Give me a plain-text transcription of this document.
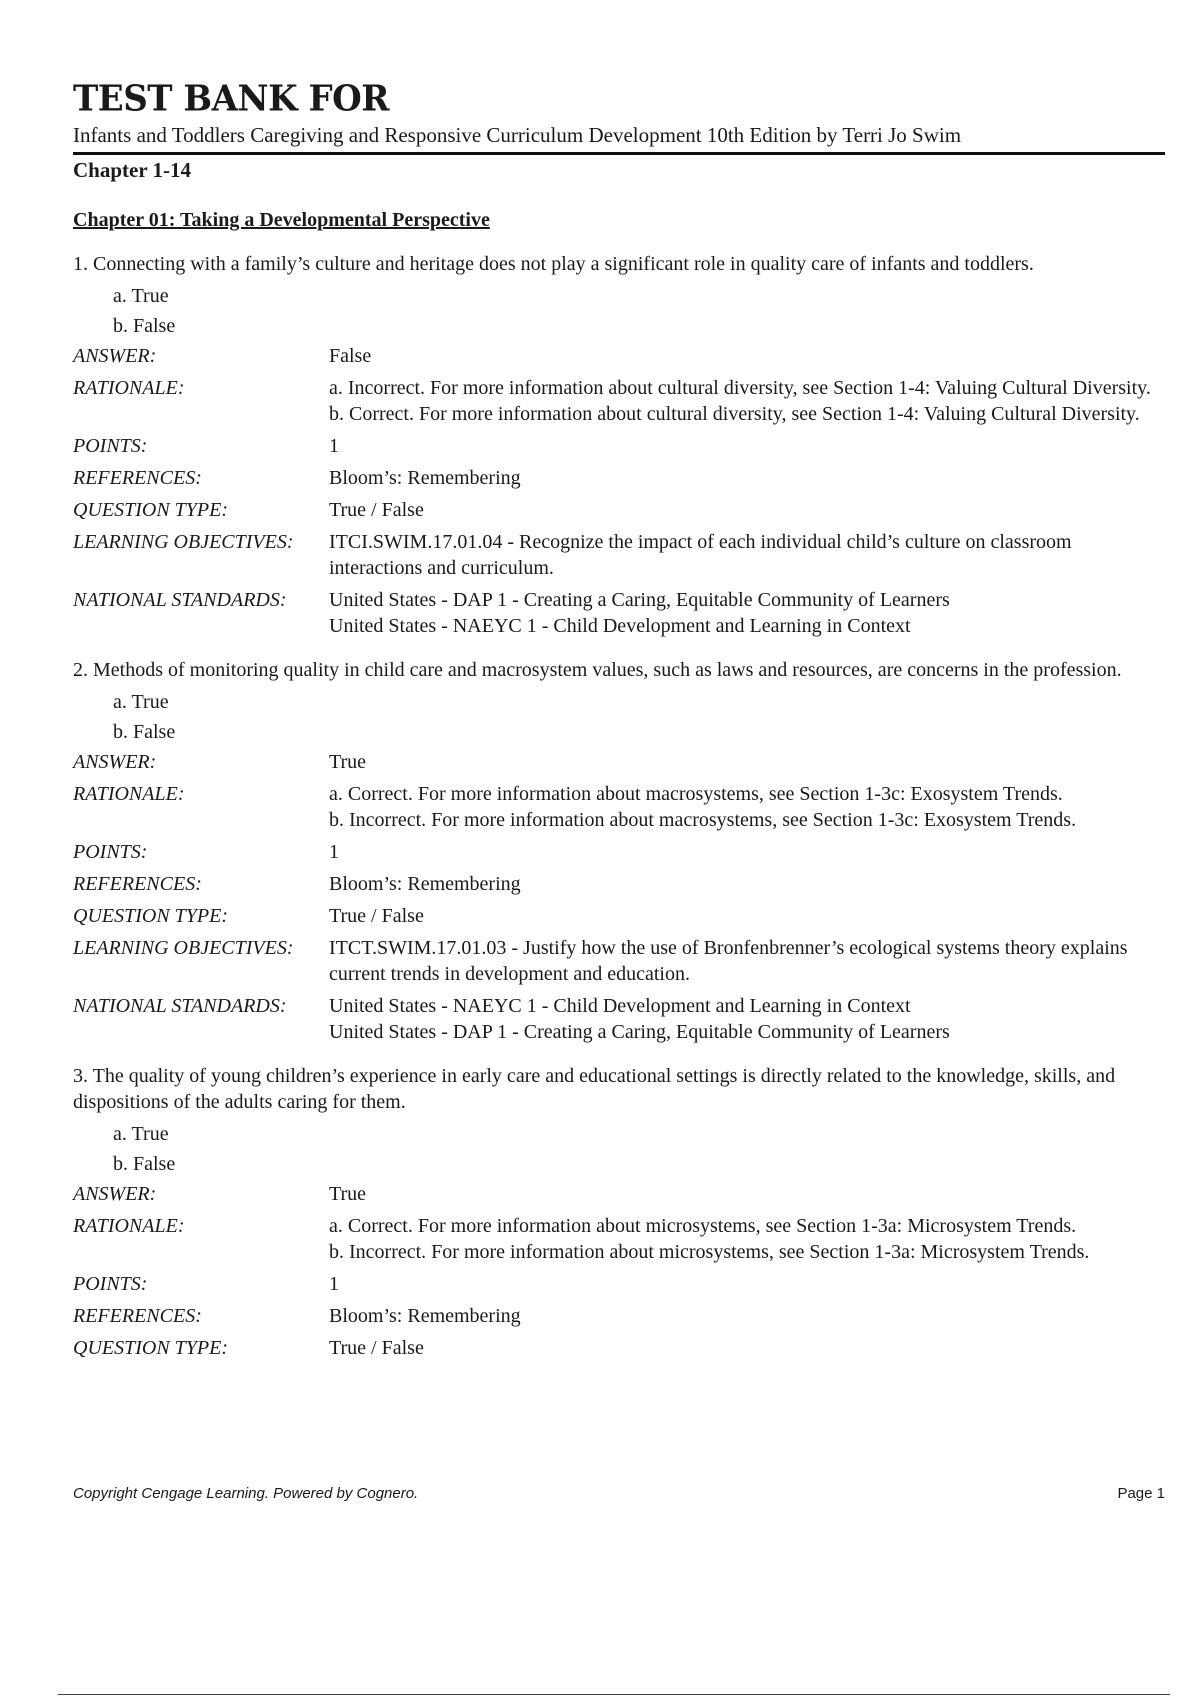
TEST BANK FOR
Infants and Toddlers Caregiving and Responsive Curriculum Development 10th Edition by Terri Jo Swim
Chapter 1-14
Chapter 01: Taking a Developmental Perspective
1. Connecting with a family’s culture and heritage does not play a significant role in quality care of infants and toddlers.
a. True
b. False
ANSWER:	False
RATIONALE:	a. Incorrect. For more information about cultural diversity, see Section 1-4: Valuing Cultural Diversity.
b. Correct. For more information about cultural diversity, see Section 1-4: Valuing Cultural Diversity.
POINTS:	1
REFERENCES:	Bloom’s: Remembering
QUESTION TYPE:	True / False
LEARNING OBJECTIVES:	ITCI.SWIM.17.01.04 - Recognize the impact of each individual child’s culture on classroom interactions and curriculum.
NATIONAL STANDARDS:	United States - DAP 1 - Creating a Caring, Equitable Community of Learners
United States - NAEYC 1 - Child Development and Learning in Context
2. Methods of monitoring quality in child care and macrosystem values, such as laws and resources, are concerns in the profession.
a. True
b. False
ANSWER:	True
RATIONALE:	a. Correct. For more information about macrosystems, see Section 1-3c: Exosystem Trends.
b. Incorrect. For more information about macrosystems, see Section 1-3c: Exosystem Trends.
POINTS:	1
REFERENCES:	Bloom’s: Remembering
QUESTION TYPE:	True / False
LEARNING OBJECTIVES:	ITCT.SWIM.17.01.03 - Justify how the use of Bronfenbrenner’s ecological systems theory explains current trends in development and education.
NATIONAL STANDARDS:	United States - NAEYC 1 - Child Development and Learning in Context
United States - DAP 1 - Creating a Caring, Equitable Community of Learners
3. The quality of young children’s experience in early care and educational settings is directly related to the knowledge, skills, and dispositions of the adults caring for them.
a. True
b. False
ANSWER:	True
RATIONALE:	a. Correct. For more information about microsystems, see Section 1-3a: Microsystem Trends.
b. Incorrect. For more information about microsystems, see Section 1-3a: Microsystem Trends.
POINTS:	1
REFERENCES:	Bloom’s: Remembering
QUESTION TYPE:	True / False
Copyright Cengage Learning. Powered by Cognero.	Page 1
